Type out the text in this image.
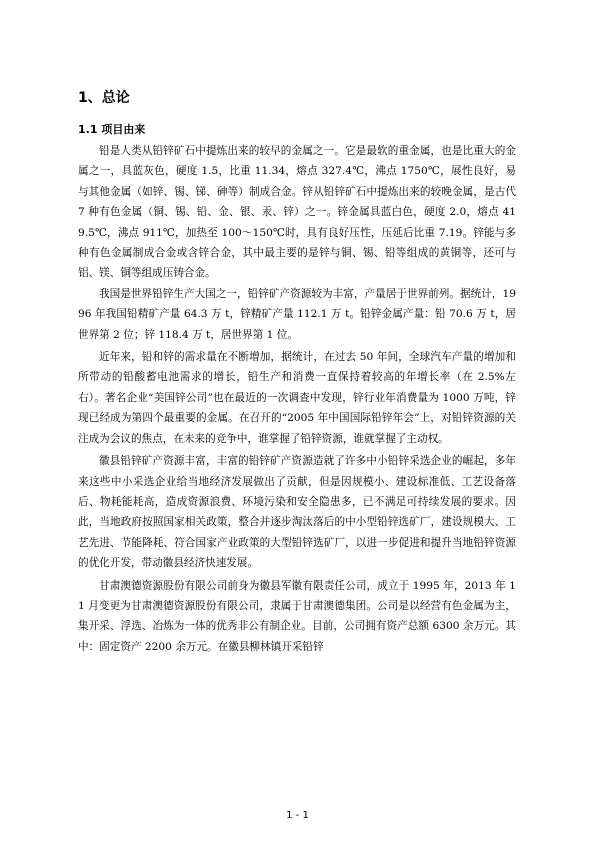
1、总论
1.1 项目由来

铅是人类从铅锌矿石中提炼出来的较早的金属之一。它是最软的重金属，也是比重大的金属之一，具蓝灰色，硬度 1.5，比重 11.34，熔点 327.4℃，沸点 1750℃，展性良好，易与其他金属（如锌、锡、锑、砷等）制成合金。锌从铅锌矿石中提炼出来的较晚金属，是古代 7 种有色金属（铜、锡、铅、金、银、汞、锌）之一。锌金属具蓝白色，硬度 2.0，熔点 419.5℃，沸点 911℃，加热至 100～150℃时，具有良好压性，压延后比重 7.19。锌能与多种有色金属制成合金或含锌合金，其中最主要的是锌与铜、锡、铅等组成的黄铜等，还可与铝、镁、铜等组成压铸合金。

我国是世界铅锌生产大国之一，铅锌矿产资源较为丰富，产量居于世界前列。据统计，1996 年我国铅精矿产量 64.3 万 t，锌精矿产量 112.1 万 t。铅锌金属产量：铅 70.6 万 t，居世界第 2 位；锌 118.4 万 t，居世界第 1 位。

近年来，铅和锌的需求量在不断增加，据统计，在过去 50 年间，全球汽车产量的增加和所带动的铅酸蓄电池需求的增长，铅生产和消费一直保持着较高的年增长率（在 2.5%左右）。著名企业“美国锌公司”也在最近的一次调查中发现，锌行业年消费量为 1000 万吨，锌现已经成为第四个最重要的金属。在召开的“2005 年中国国际铅锌年会”上，对铅锌资源的关注成为会议的焦点，在未来的竞争中，谁掌握了铅锌资源，谁就掌握了主动权。

徽县铅锌矿产资源丰富，丰富的铅锌矿产资源造就了许多中小铅锌采选企业的崛起，多年来这些中小采选企业给当地经济发展做出了贡献，但是因规模小、建设标准低、工艺设备落后、物耗能耗高，造成资源浪费、环境污染和安全隐患多，已不满足可持续发展的要求。因此，当地政府按照国家相关政策，整合并逐步淘汰落后的中小型铅锌选矿厂，建设规模大、工艺先进、节能降耗、符合国家产业政策的大型铅锌选矿厂，以进一步促进和提升当地铅锌资源的优化开发，带动徽县经济快速发展。

甘肃澳德资源股份有限公司前身为徽县军徽有限责任公司，成立于 1995 年，2013 年 11 月变更为甘肃澳德资源股份有限公司，隶属于甘肃澳德集团。公司是以经营有色金属为主，集开采、浮选、冶炼为一体的优秀非公有制企业。目前，公司拥有资产总额 6300 余万元。其中：固定资产 2200 余万元。在徽县柳林镇开采铅锌

1 - 1
